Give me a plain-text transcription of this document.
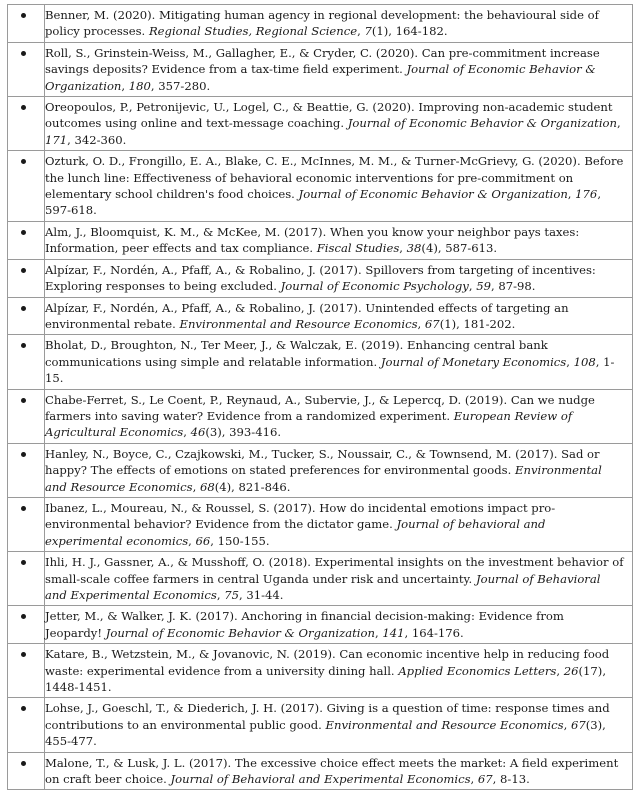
	Benner, M. (2020). Mitigating human agency in regional development: the behavioural side of policy processes. Regional Studies, Regional Science, 7(1), 164-182.

	Roll, S., Grinstein-Weiss, M., Gallagher, E., & Cryder, C. (2020). Can pre-commitment increase savings deposits? Evidence from a tax-time field experiment. Journal of Economic Behavior & Organization, 180, 357-280.

	Oreopoulos, P., Petronijevic, U., Logel, C., & Beattie, G. (2020). Improving non-academic student outcomes using online and text-message coaching. Journal of Economic Behavior & Organization, 171, 342-360.

	Ozturk, O. D., Frongillo, E. A., Blake, C. E., McInnes, M. M., & Turner-McGrievy, G. (2020). Before the lunch line: Effectiveness of behavioral economic interventions for pre-commitment on elementary school children's food choices. Journal of Economic Behavior & Organization, 176, 597-618.

	Alm, J., Bloomquist, K. M., & McKee, M. (2017). When you know your neighbor pays taxes: Information, peer effects and tax compliance. Fiscal Studies, 38(4), 587-613.

	Alpízar, F., Nordén, A., Pfaff, A., & Robalino, J. (2017). Spillovers from targeting of incentives: Exploring responses to being excluded. Journal of Economic Psychology, 59, 87-98.

	Alpízar, F., Nordén, A., Pfaff, A., & Robalino, J. (2017). Unintended effects of targeting an environmental rebate. Environmental and Resource Economics, 67(1), 181-202.

	Bholat, D., Broughton, N., Ter Meer, J., & Walczak, E. (2019). Enhancing central bank communications using simple and relatable information. Journal of Monetary Economics, 108, 1-15.

	Chabe-Ferret, S., Le Coent, P., Reynaud, A., Subervie, J., & Lepercq, D. (2019). Can we nudge farmers into saving water? Evidence from a randomized experiment. European Review of Agricultural Economics, 46(3), 393-416.

	Hanley, N., Boyce, C., Czajkowski, M., Tucker, S., Noussair, C., & Townsend, M. (2017). Sad or happy? The effects of emotions on stated preferences for environmental goods. Environmental and Resource Economics, 68(4), 821-846.

	Ibanez, L., Moureau, N., & Roussel, S. (2017). How do incidental emotions impact pro-environmental behavior? Evidence from the dictator game. Journal of behavioral and experimental economics, 66, 150-155.

	Ihli, H. J., Gassner, A., & Musshoff, O. (2018). Experimental insights on the investment behavior of small-scale coffee farmers in central Uganda under risk and uncertainty. Journal of Behavioral and Experimental Economics, 75, 31-44.

	Jetter, M., & Walker, J. K. (2017). Anchoring in financial decision-making: Evidence from Jeopardy! Journal of Economic Behavior & Organization, 141, 164-176.

	Katare, B., Wetzstein, M., & Jovanovic, N. (2019). Can economic incentive help in reducing food waste: experimental evidence from a university dining hall. Applied Economics Letters, 26(17), 1448-1451.

	Lohse, J., Goeschl, T., & Diederich, J. H. (2017). Giving is a question of time: response times and contributions to an environmental public good. Environmental and Resource Economics, 67(3), 455-477.

	Malone, T., & Lusk, J. L. (2017). The excessive choice effect meets the market: A field experiment on craft beer choice. Journal of Behavioral and Experimental Economics, 67, 8-13.
